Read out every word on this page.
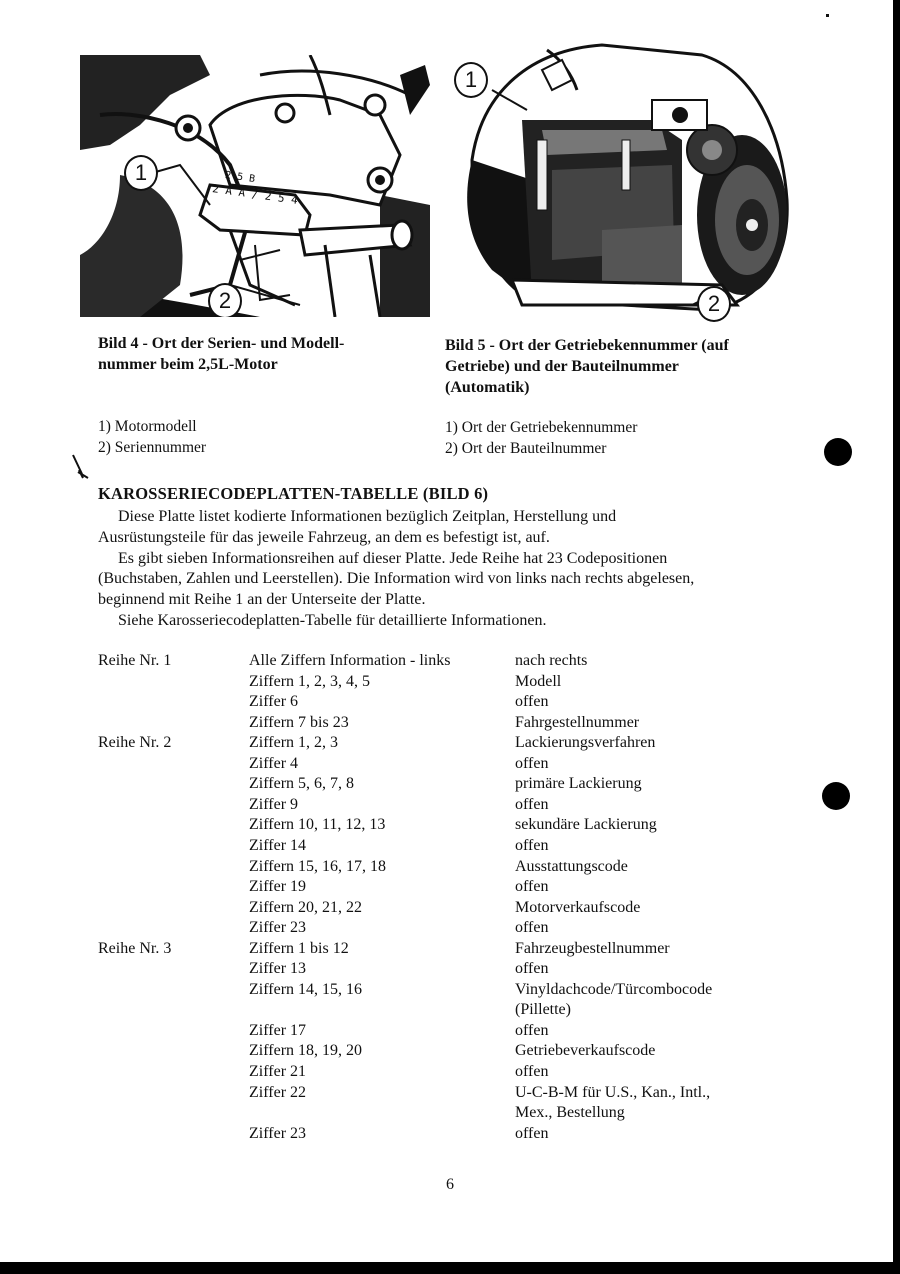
2 5 B
2 A A / 2 5 4
1
2
1
2
Bild 4 - Ort der Serien- und Modell-
nummer beim 2,5L-Motor
Bild 5 - Ort der Getriebekennummer (auf
Getriebe) und der Bauteilnummer
(Automatik)
1) Motormodell
2) Seriennummer
1) Ort der Getriebekennummer
2) Ort der Bauteilnummer
KAROSSERIECODEPLATTEN-TABELLE (BILD 6)
Diese Platte listet kodierte Informationen bezüglich Zeitplan, Herstellung und
Ausrüstungsteile für das jeweile Fahrzeug, an dem es befestigt ist, auf.
Es gibt sieben Informationsreihen auf dieser Platte. Jede Reihe hat 23 Codepositionen
(Buchstaben, Zahlen und Leerstellen). Die Information wird von links nach rechts abgelesen,
beginnend mit Reihe 1 an der Unterseite der Platte.
Siehe Karosseriecodeplatten-Tabelle für detaillierte Informationen.
Reihe Nr. 1	Alle Ziffern Information - links	nach rechts
Ziffern 1, 2, 3, 4, 5	Modell
Ziffer 6	offen
Ziffern 7 bis 23	Fahrgestellnummer
Reihe Nr. 2	Ziffern 1, 2, 3	Lackierungsverfahren
Ziffer 4	offen
Ziffern 5, 6, 7, 8	primäre Lackierung
Ziffer 9	offen
Ziffern 10, 11, 12, 13	sekundäre Lackierung
Ziffer 14	offen
Ziffern 15, 16, 17, 18	Ausstattungscode
Ziffer 19	offen
Ziffern 20, 21, 22	Motorverkaufscode
Ziffer 23	offen
Reihe Nr. 3	Ziffern 1 bis 12	Fahrzeugbestellnummer
Ziffer 13	offen
Ziffern 14, 15, 16	Vinyldachcode/Türcombocode
(Pillette)
Ziffer 17	offen
Ziffern 18, 19, 20	Getriebeverkaufscode
Ziffer 21	offen
Ziffer 22	U-C-B-M für U.S., Kan., Intl.,
Mex., Bestellung
Ziffer 23	offen
6
